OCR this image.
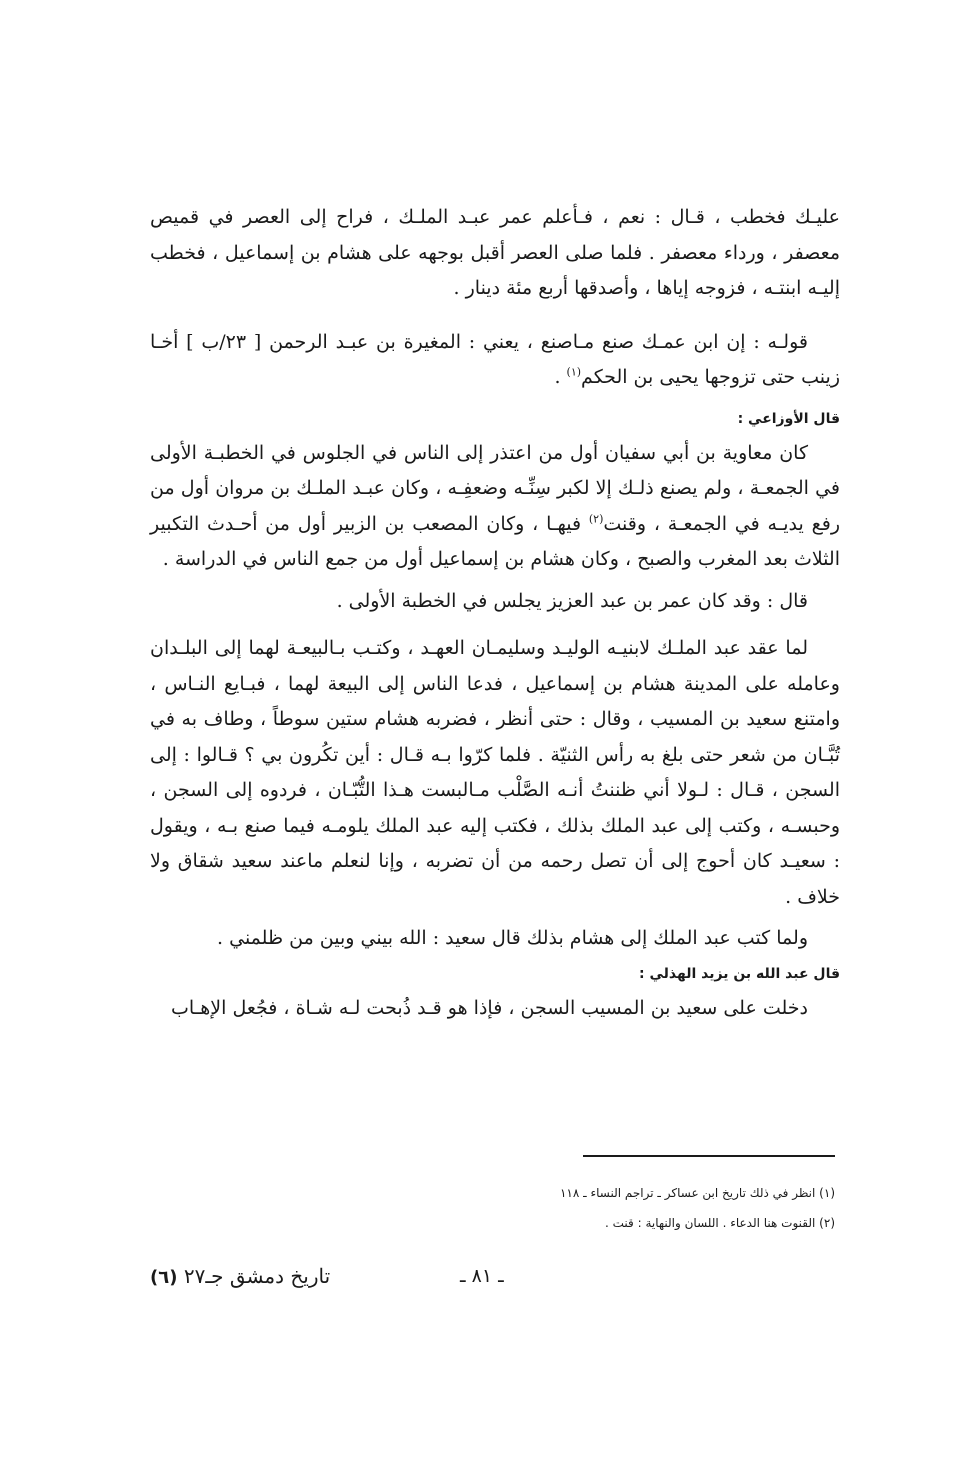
عليـك فخطب ، قـال : نعم ، فـأعلم عمر عبـد الملـك ، فراح إلى العصر في قميص معصفر ، ورداء معصفر . فلما صلى العصر أقبل بوجهه على هشام بن إسماعيل ، فخطب إليـه ابنتـه ، فزوجه إياها ، وأصدقها أربع مئة دينار .

قولـه : إن ابن عمـك صنع مـاصنع ، يعني : المغيرة بن عبـد الرحمن [ ٢٣/ب ] أخـا زينب حتى تزوجها يحيى بن الحكم$^{(١)}$ .

قال الأوزاعي :

كان معاوية بن أبي سفيان أول من اعتذر إلى الناس في الجلوس في الخطبـة الأولى في الجمعـة ، ولم يصنع ذلـك إلا لكبر سِنِّـه وضعفِـه ، وكان عبـد الملـك بن مروان أول من رفع يديـه في الجمعـة ، وقنت$^{(٢)}$ فيهـا ، وكان المصعب بن الزبير أول من أحـدث التكبير الثلاث بعد المغرب والصبح ، وكان هشام بن إسماعيل أول من جمع الناس في الدراسة .

قال : وقد كان عمر بن عبد العزيز يجلس في الخطبة الأولى .

لما عقد عبد الملـك لابنيـه الوليـد وسليمـان العهـد ، وكتـب بـالبيعـة لهما إلى البلـدان وعامله على المدينة هشام بن إسماعيل ، فدعا الناس إلى البيعة لهما ، فبـايع النـاس ، وامتنع سعيد بن المسيب ، وقال : حتى أنظر ، فضربه هشام ستين سوطاً ، وطاف به في تُبَّـان من شعر حتى بلغ به رأس الثنيّة . فلما كرّوا بـه قـال : أين تكُرون بي ؟ قـالوا : إلى السجن ، قـال : لـولا أني ظننتُ أنـه الصَّلْب مـالبست هـذا التُّبّـان ، فردوه إلى السجن ، وحبسـه ، وكتب إلى عبد الملك بذلك ، فكتب إليه عبد الملك يلومـه فيما صنع بـه ، ويقول : سعيـد كان أحوج إلى أن تصل رحمه من أن تضربه ، وإنا لنعلم ماعند سعيد شقاق ولا خلاف .

ولما كتب عبد الملك إلى هشام بذلك قال سعيد : الله بيني وبين من ظلمني .

قال عبد الله بن يزيد الهذلي :

دخلت على سعيد بن المسيب السجن ، فإذا هو قـد ذُبحت لـه شـاة ، فجُعل الإهـاب

(١) انظر في ذلك تاريخ ابن عساكر ـ تراجم النساء ـ ١١٨

(٢) القنوت هنا الدعاء . اللسان والنهاية : قنت .

ـ ٨١ ـ
تاريخ دمشق جـ٢٧ (٦)
